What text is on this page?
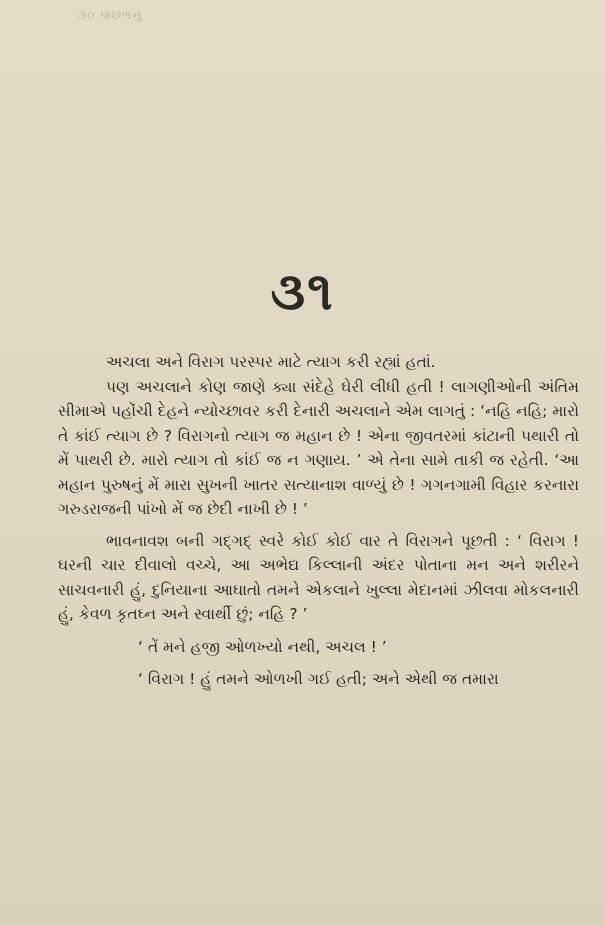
૩૦ પાછળનું
૩૧

અચલા અને વિરાગ પરસ્પર માટે ત્યાગ કરી રહ્યાં હતાં.

પણ અચલાને કોણ જાણે ક્યા સંદેહે ઘેરી લીધી હતી ! લાગણીઓની અંતિમ સીમાએ પહોંચી દેહને ન્યોચ્છાવર કરી દેનારી અચલાને એમ લાગતું : ‘નહિ નહિ; મારો તે કાંઈ ત્યાગ છે ? વિરાગનો ત્યાગ જ મહાન છે ! એના જીવતરમાં કાંટાની પથારી તો મેં પાથરી છે. મારો ત્યાગ તો કાંઈ જ ન ગણાય. ’ એ તેના સામે તાકી જ રહેતી. ‘આ મહાન પુરુષનું મેં મારા સુખની ખાતર સત્યાનાશ વાળ્યું છે ! ગગનગામી વિહાર કરનારા ગરુડરાજની પાંખો મેં જ છેદી નાખી છે ! ’

ભાવનાવશ બની ગદ્ગદ્ સ્વરે કોઈ કોઈ વાર તે વિરાગને પૂછતી : ‘ વિરાગ ! ઘરની ચાર દીવાલો વચ્ચે, આ અભેદ્ય કિલ્લાની અંદર પોતાના મન અને શરીરને સાચવનારી હું, દુનિયાના આઘાતો તમને એકલાને ખુલ્લા મેદાનમાં ઝીલવા મોકલનારી હું, કેવળ કૃતઘ્ન અને સ્વાર્થી છું; નહિ ? ’

‘ તેં મને હજી ઓળખ્યો નથી, અચલ ! ’

‘ વિરાગ ! હું તમને ઓળખી ગઈ હતી; અને એથી જ તમારા
